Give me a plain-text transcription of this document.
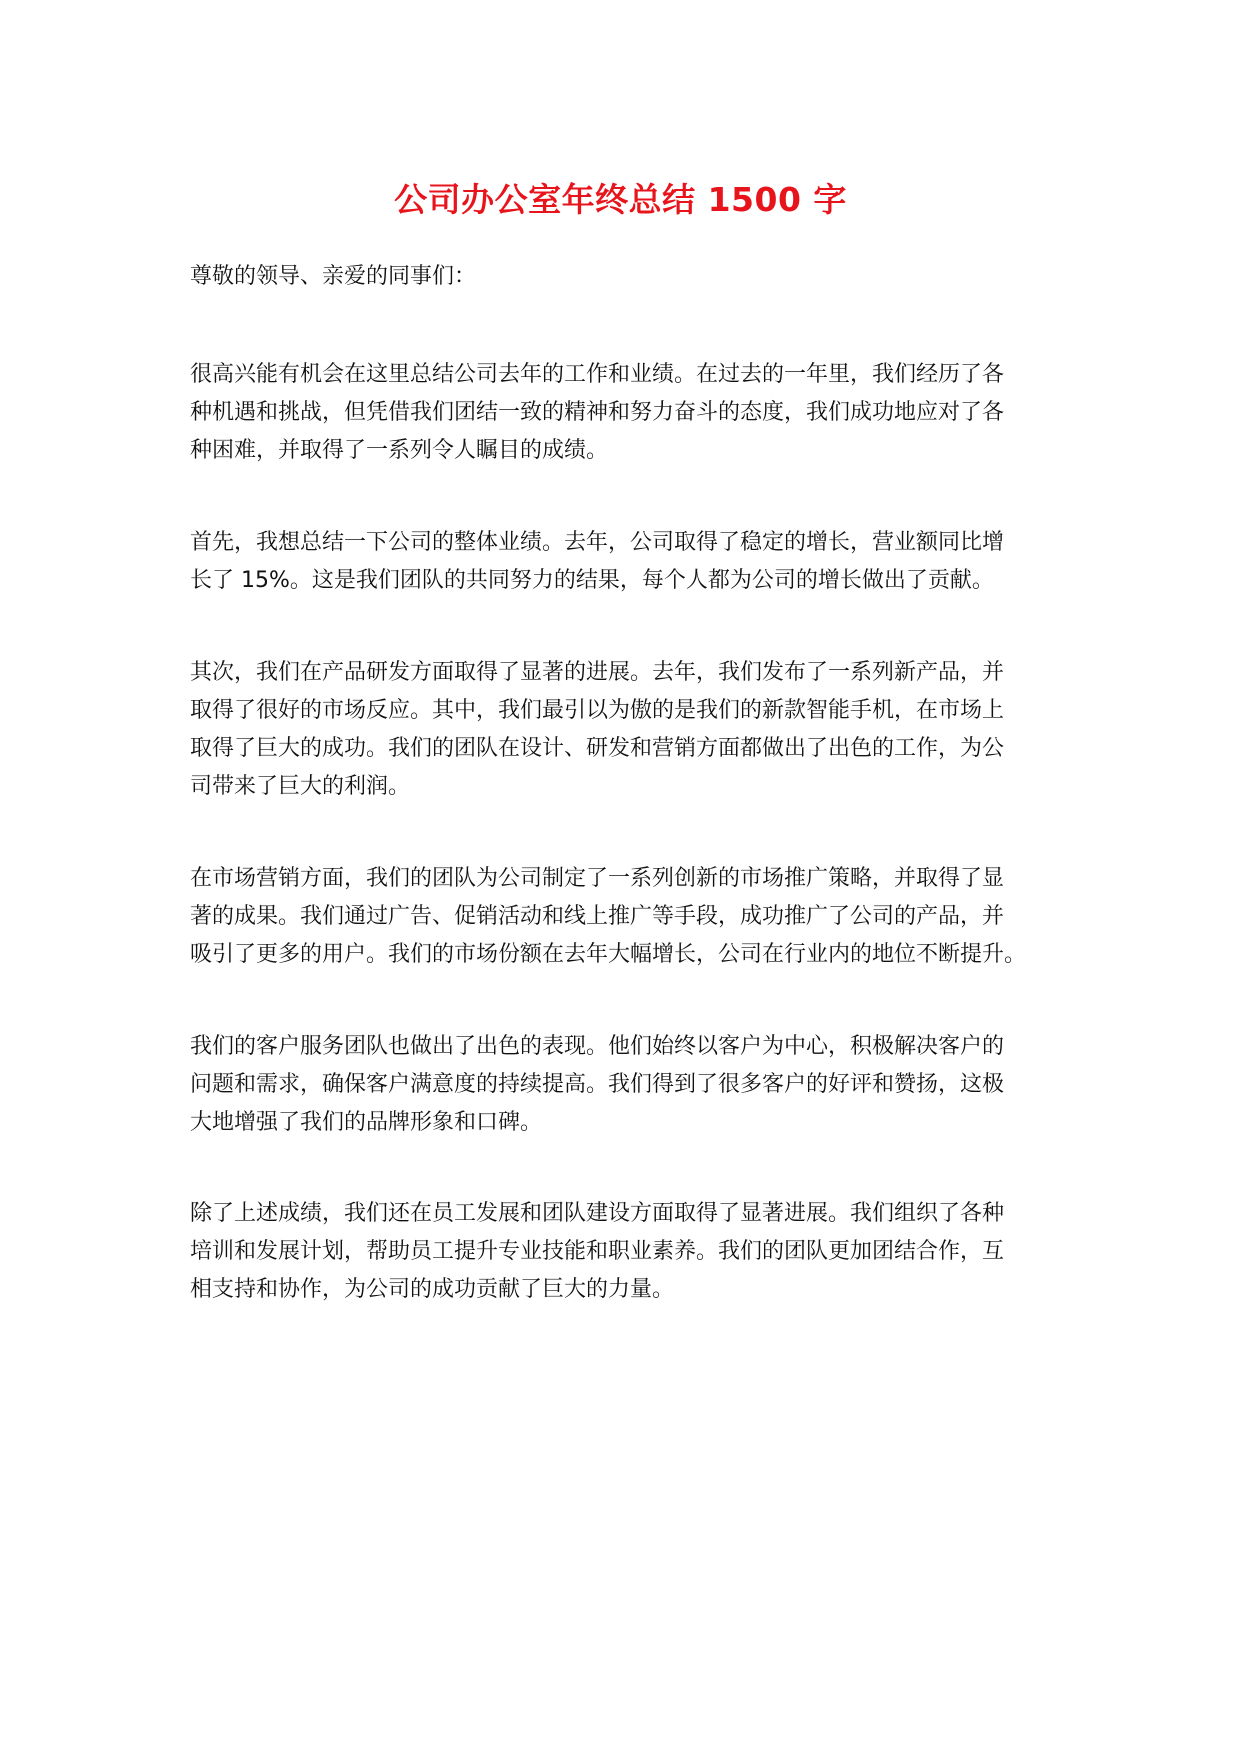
公司办公室年终总结 1500 字

尊敬的领导、亲爱的同事们：

很高兴能有机会在这里总结公司去年的工作和业绩。在过去的一年里，我们经历了各
种机遇和挑战，但凭借我们团结一致的精神和努力奋斗的态度，我们成功地应对了各
种困难，并取得了一系列令人瞩目的成绩。

首先，我想总结一下公司的整体业绩。去年，公司取得了稳定的增长，营业额同比增
长了 15%。这是我们团队的共同努力的结果，每个人都为公司的增长做出了贡献。

其次，我们在产品研发方面取得了显著的进展。去年，我们发布了一系列新产品，并
取得了很好的市场反应。其中，我们最引以为傲的是我们的新款智能手机，在市场上
取得了巨大的成功。我们的团队在设计、研发和营销方面都做出了出色的工作，为公
司带来了巨大的利润。

在市场营销方面，我们的团队为公司制定了一系列创新的市场推广策略，并取得了显
著的成果。我们通过广告、促销活动和线上推广等手段，成功推广了公司的产品，并
吸引了更多的用户。我们的市场份额在去年大幅增长，公司在行业内的地位不断提升。

我们的客户服务团队也做出了出色的表现。他们始终以客户为中心，积极解决客户的
问题和需求，确保客户满意度的持续提高。我们得到了很多客户的好评和赞扬，这极
大地增强了我们的品牌形象和口碑。

除了上述成绩，我们还在员工发展和团队建设方面取得了显著进展。我们组织了各种
培训和发展计划，帮助员工提升专业技能和职业素养。我们的团队更加团结合作，互
相支持和协作，为公司的成功贡献了巨大的力量。
